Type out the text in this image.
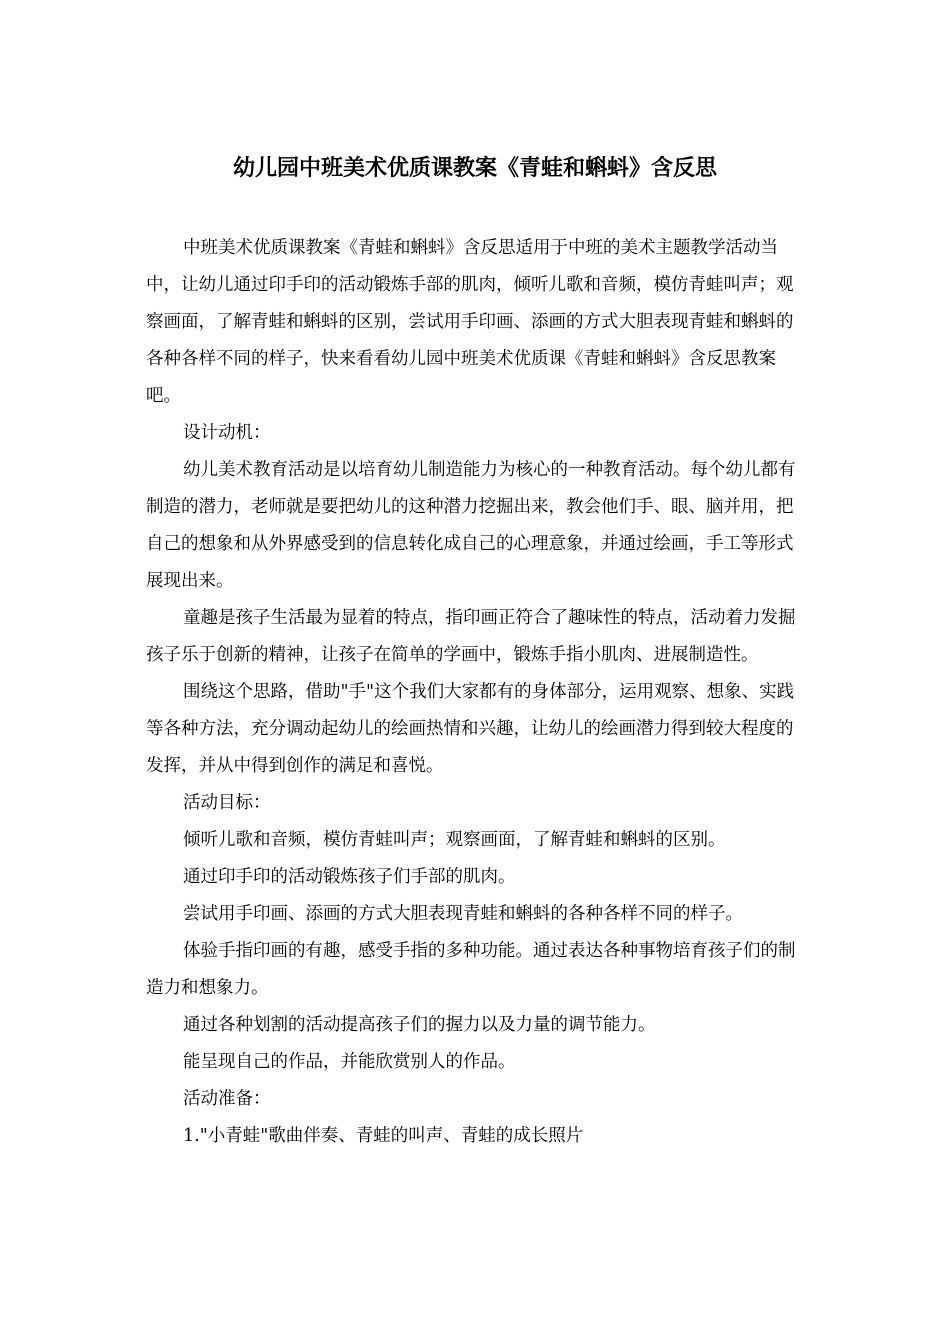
幼儿园中班美术优质课教案《青蛙和蝌蚪》含反思

中班美术优质课教案《青蛙和蝌蚪》含反思适用于中班的美术主题教学活动当中，让幼儿通过印手印的活动锻炼手部的肌肉，倾听儿歌和音频，模仿青蛙叫声；观察画面，了解青蛙和蝌蚪的区别，尝试用手印画、添画的方式大胆表现青蛙和蝌蚪的各种各样不同的样子，快来看看幼儿园中班美术优质课《青蛙和蝌蚪》含反思教案吧。

设计动机：

幼儿美术教育活动是以培育幼儿制造能力为核心的一种教育活动。每个幼儿都有制造的潜力，老师就是要把幼儿的这种潜力挖掘出来，教会他们手、眼、脑并用，把自己的想象和从外界感受到的信息转化成自己的心理意象，并通过绘画，手工等形式展现出来。

童趣是孩子生活最为显着的特点，指印画正符合了趣味性的特点，活动着力发掘孩子乐于创新的精神，让孩子在简单的学画中，锻炼手指小肌肉、进展制造性。

围绕这个思路，借助"手"这个我们大家都有的身体部分，运用观察、想象、实践等各种方法，充分调动起幼儿的绘画热情和兴趣，让幼儿的绘画潜力得到较大程度的发挥，并从中得到创作的满足和喜悦。

活动目标：

倾听儿歌和音频，模仿青蛙叫声；观察画面，了解青蛙和蝌蚪的区别。

通过印手印的活动锻炼孩子们手部的肌肉。

尝试用手印画、添画的方式大胆表现青蛙和蝌蚪的各种各样不同的样子。

体验手指印画的有趣，感受手指的多种功能。通过表达各种事物培育孩子们的制造力和想象力。

通过各种划割的活动提高孩子们的握力以及力量的调节能力。

能呈现自己的作品，并能欣赏别人的作品。

活动准备：

1."小青蛙"歌曲伴奏、青蛙的叫声、青蛙的成长照片
